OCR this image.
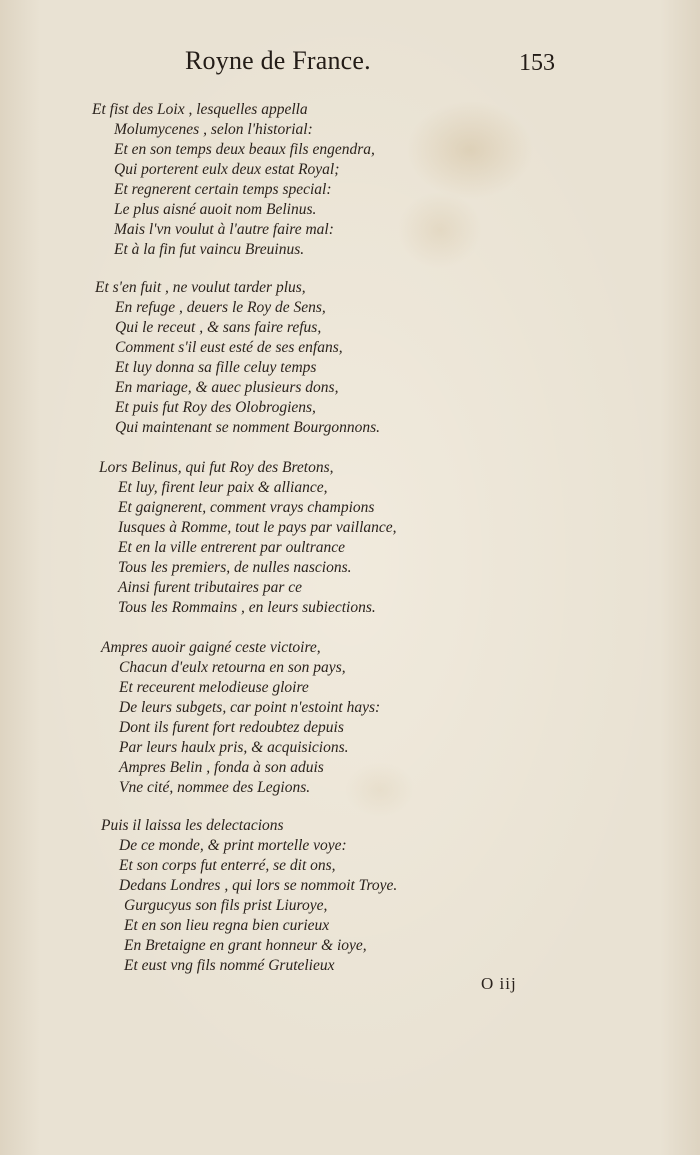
Royne de France.	153
Et fist des Loix , lesquelles appella
Molumycenes , selon l'historial:
Et en son temps deux beaux fils engendra,
Qui porterent eulx deux estat Royal;
Et regnerent certain temps special:
Le plus aisné auoit nom Belinus.
Mais l'vn voulut à l'autre faire mal:
Et à la fin fut vaincu Breuinus.
Et s'en fuit , ne voulut tarder plus,
En refuge , deuers le Roy de Sens,
Qui le receut , & sans faire refus,
Comment s'il eust esté de ses enfans,
Et luy donna sa fille celuy temps
En mariage, & auec plusieurs dons,
Et puis fut Roy des Olobrogiens,
Qui maintenant se nomment Bourgonnons.
Lors Belinus, qui fut Roy des Bretons,
Et luy, firent leur paix & alliance,
Et gaignerent, comment vrays champions
Iusques à Romme, tout le pays par vaillance,
Et en la ville entrerent par oultrance
Tous les premiers, de nulles nascions.
Ainsi furent tributaires par ce
Tous les Rommains , en leurs subiections.
Ampres auoir gaigné ceste victoire,
Chacun d'eulx retourna en son pays,
Et receurent melodieuse gloire
De leurs subgets, car point n'estoint hays:
Dont ils furent fort redoubtez depuis
Par leurs haulx pris, & acquisicions.
Ampres Belin , fonda à son aduis
Vne cité, nommee des Legions.
Puis il laissa les delectacions
De ce monde, & print mortelle voye:
Et son corps fut enterré, se dit ons,
Dedans Londres , qui lors se nommoit Troye.
Gurgucyus son fils prist Liuroye,
Et en son lieu regna bien curieux
En Bretaigne en grant honneur & ioye,
Et eust vng fils nommé Grutelieux
O iij
